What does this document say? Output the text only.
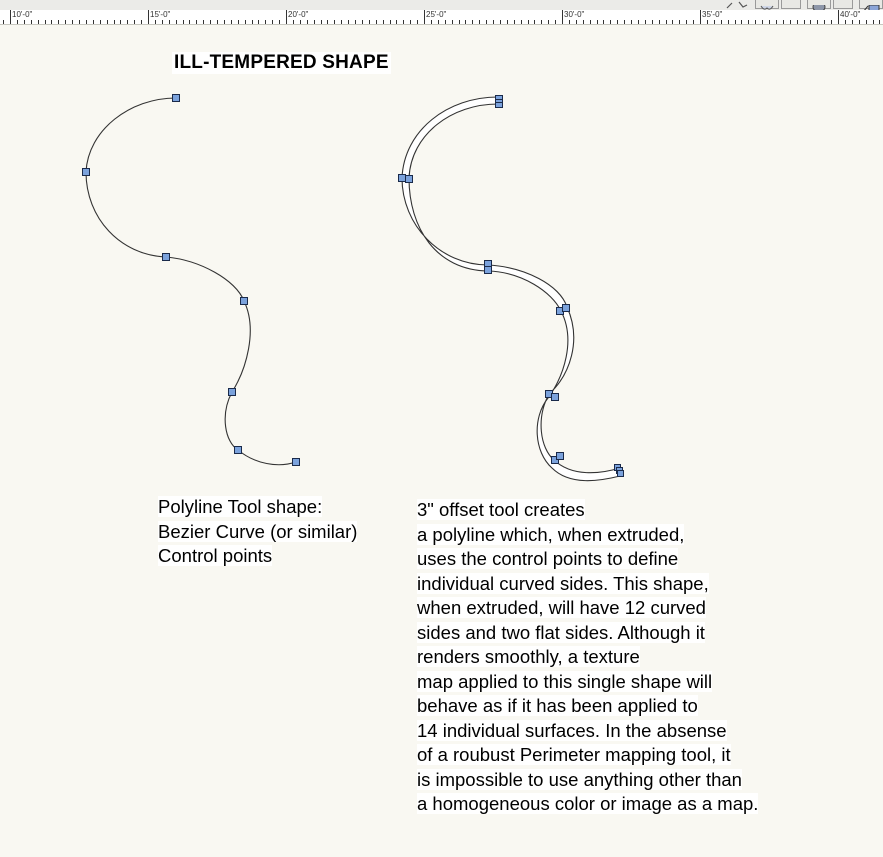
10'-0"	15'-0"	20'-0"	25'-0"	30'-0"	35'-0"	40'-0"
ILL-TEMPERED SHAPE
Polyline Tool shape:
Bezier Curve (or similar)
Control points
3" offset tool creates
a polyline which, when extruded,
uses the control points to define
individual curved sides. This shape,
when extruded, will have 12 curved
sides and two flat sides. Although it
renders smoothly, a texture
map applied to this single shape will
behave as if it has been applied to
14 individual surfaces. In the absense
of a roubust Perimeter mapping tool, it
is impossible to use anything other than
a homogeneous color or image as a map.
